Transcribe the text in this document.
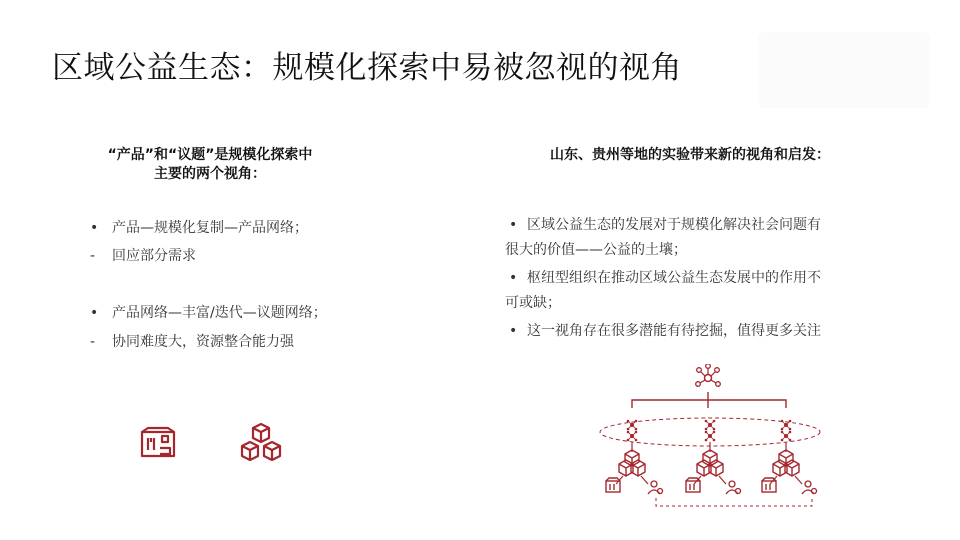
区域公益生态：规模化探索中易被忽视的视角
“产品”和“议题”是规模化探索中
主要的两个视角：
• 产品—规模化复制—产品网络；
- 回应部分需求
• 产品网络—丰富/迭代—议题网络；
- 协同难度大，资源整合能力强
山东、贵州等地的实验带来新的视角和启发：
• 区域公益生态的发展对于规模化解决社会问题有
很大的价值——公益的土壤；
• 枢纽型组织在推动区域公益生态发展中的作用不
可或缺；
• 这一视角存在很多潜能有待挖掘，值得更多关注
